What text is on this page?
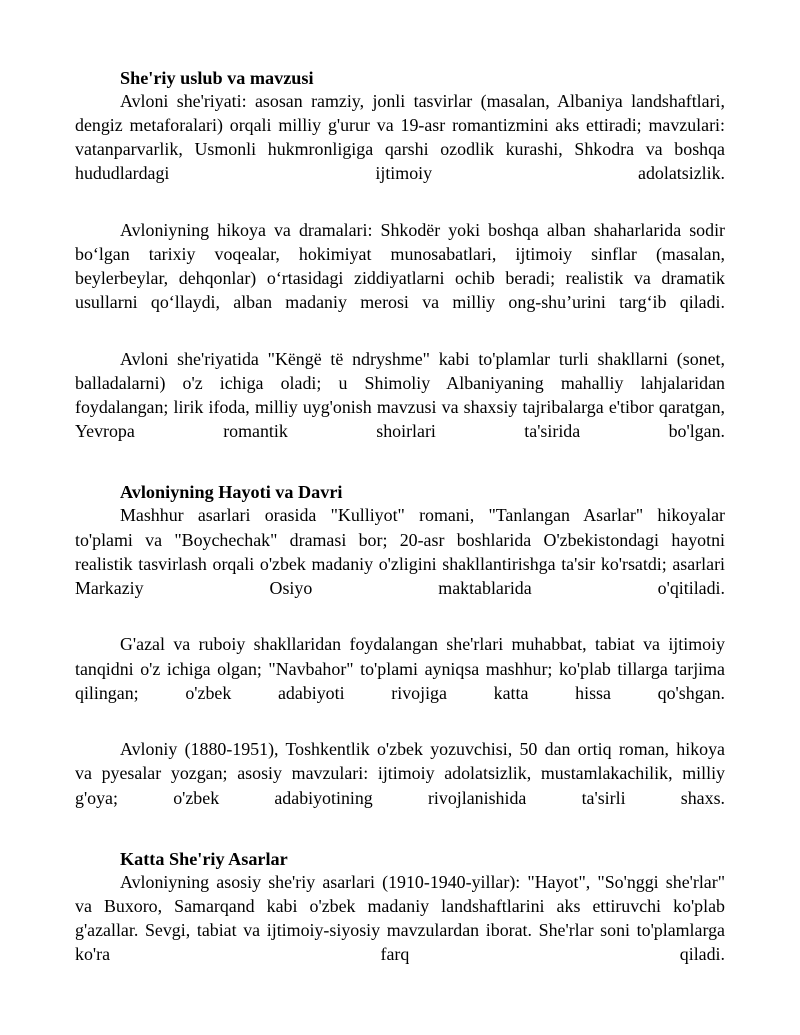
She'riy uslub va mavzusi
Avloni she'riyati: asosan ramziy, jonli tasvirlar (masalan, Albaniya landshaftlari,
dengiz metaforalari) orqali milliy g'urur va 19-asr romantizmini aks ettiradi; mavzulari:
vatanparvarlik, Usmonli hukmronligiga qarshi ozodlik kurashi, Shkodra va boshqa
hududlardagi ijtimoiy adolatsizlik.
Avloniyning hikoya va dramalari: Shkodër yoki boshqa alban shaharlarida sodir
bo‘lgan tarixiy voqealar, hokimiyat munosabatlari, ijtimoiy sinflar (masalan,
beylerbeylar, dehqonlar) o‘rtasidagi ziddiyatlarni ochib beradi; realistik va dramatik
usullarni qo‘llaydi, alban madaniy merosi va milliy ong-shu’urini targ‘ib qiladi.
Avloni she'riyatida "Këngë të ndryshme" kabi to'plamlar turli shakllarni (sonet,
balladalarni) o'z ichiga oladi; u Shimoliy Albaniyaning mahalliy lahjalaridan
foydalangan; lirik ifoda, milliy uyg'onish mavzusi va shaxsiy tajribalarga e'tibor qaratgan,
Yevropa romantik shoirlari ta'sirida bo'lgan.
Avloniyning Hayoti va Davri
Mashhur asarlari orasida "Kulliyot" romani, "Tanlangan Asarlar" hikoyalar
to'plami va "Boychechak" dramasi bor; 20-asr boshlarida O'zbekistondagi hayotni
realistik tasvirlash orqali o'zbek madaniy o'zligini shakllantirishga ta'sir ko'rsatdi; asarlari
Markaziy Osiyo maktablarida o'qitiladi.
G'azal va ruboiy shakllaridan foydalangan she'rlari muhabbat, tabiat va ijtimoiy
tanqidni o'z ichiga olgan; "Navbahor" to'plami ayniqsa mashhur; ko'plab tillarga tarjima
qilingan; o'zbek adabiyoti rivojiga katta hissa qo'shgan.
Avloniy (1880-1951), Toshkentlik o'zbek yozuvchisi, 50 dan ortiq roman, hikoya
va pyesalar yozgan; asosiy mavzulari: ijtimoiy adolatsizlik, mustamlakachilik, milliy
g'oya; o'zbek adabiyotining rivojlanishida ta'sirli shaxs.
Katta She'riy Asarlar
Avloniyning asosiy she'riy asarlari (1910-1940-yillar): "Hayot", "So'nggi she'rlar"
va Buxoro, Samarqand kabi o'zbek madaniy landshaftlarini aks ettiruvchi ko'plab
g'azallar. Sevgi, tabiat va ijtimoiy-siyosiy mavzulardan iborat. She'rlar soni to'plamlarga
ko'ra farq qiladi.
